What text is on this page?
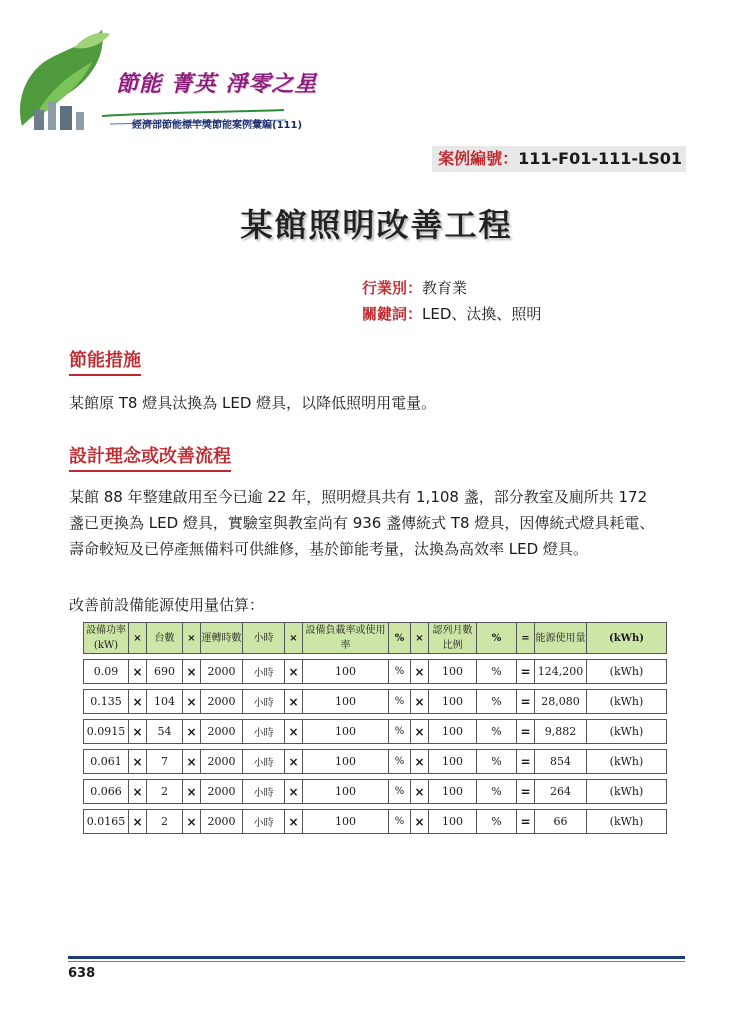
節能 菁英 淨零之星
經濟部節能標竿獎節能案例彙編(111)
案例編號：111-F01-111-LS01
某館照明改善工程
行業別：教育業
關鍵詞：LED、汰換、照明
節能措施

某館原 T8 燈具汰換為 LED 燈具，以降低照明用電量。

設計理念或改善流程

某館 88 年整建啟用至今已逾 22 年，照明燈具共有 1,108 盞，部分教室及廁所共 172

盞已更換為 LED 燈具，實驗室與教室尚有 936 盞傳統式 T8 燈具，因傳統式燈具耗電、

壽命較短及已停產無備料可供維修，基於節能考量，汰換為高效率 LED 燈具。

改善前設備能源使用量估算：

設備功率(kW)	×	台數	×	運轉時數	小時	×	設備負載率或使用率	%	×	認列月數比例	%	=	能源使用量	(kWh)

0.09	×	690	×	2000	小時	×	100	%	×	100	%	=	124,200	(kWh)

0.135	×	104	×	2000	小時	×	100	%	×	100	%	=	28,080	(kWh)

0.0915	×	54	×	2000	小時	×	100	%	×	100	%	=	9,882	(kWh)

0.061	×	7	×	2000	小時	×	100	%	×	100	%	=	854	(kWh)

0.066	×	2	×	2000	小時	×	100	%	×	100	%	=	264	(kWh)

0.0165	×	2	×	2000	小時	×	100	%	×	100	%	=	66	(kWh)
638
